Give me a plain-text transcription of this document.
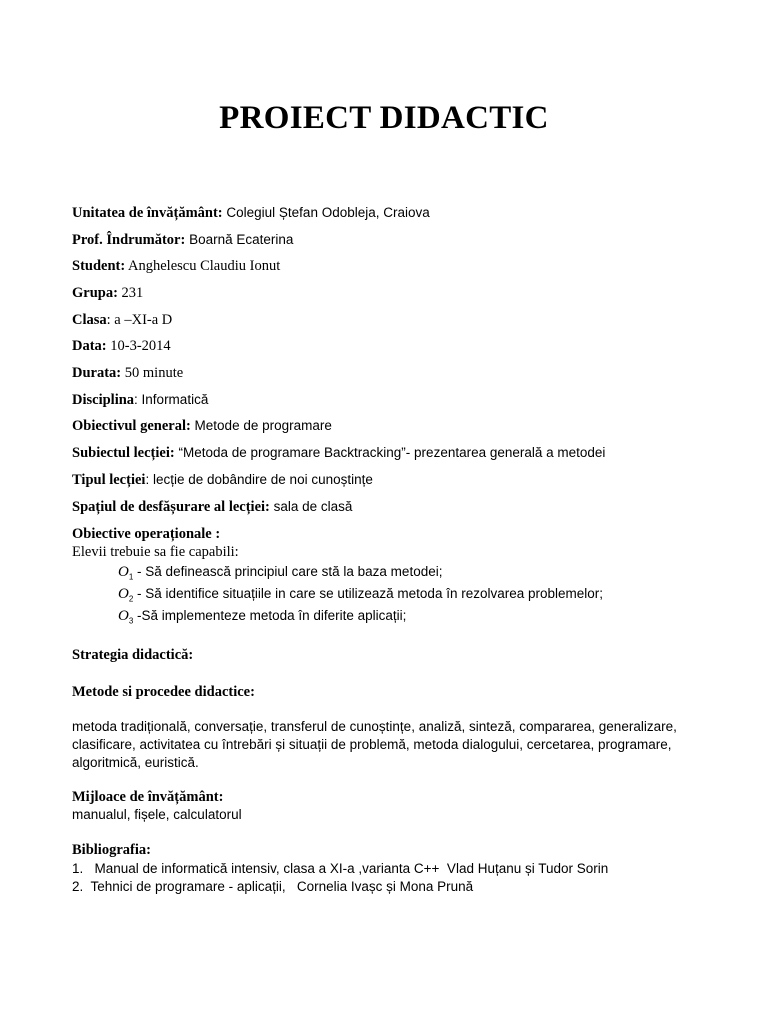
PROIECT DIDACTIC
Unitatea de învățământ: Colegiul Ștefan Odobleja, Craiova
Prof. Îndrumător: Boarnă Ecaterina
Student: Anghelescu Claudiu Ionut
Grupa: 231
Clasa: a –XI-a D
Data: 10-3-2014
Durata: 50 minute
Disciplina: Informatică
Obiectivul general: Metode de programare
Subiectul lecției: “Metoda de programare Backtracking”- prezentarea generală a metodei
Tipul lecției: lecție de dobândire de noi cunoștințe
Spațiul de desfășurare al lecției: sala de clasă
Obiective operaționale :
Elevii trebuie sa fie capabili:
$O_1$ - Să definească principiul care stă la baza metodei;
$O_2$ - Să identifice situațiile in care se utilizează metoda în rezolvarea problemelor;
$O_3$ -Să implementeze metoda în diferite aplicații;
Strategia didactică:
Metode si procedee didactice:
metoda tradițională, conversație, transferul de cunoștințe, analiză, sinteză, compararea, generalizare,
clasificare, activitatea cu întrebări și situații de problemă, metoda dialogului, cercetarea, programare,
algoritmică, euristică.
Mijloace de învățământ:
manualul, fișele, calculatorul
Bibliografia:
1.   Manual de informatică intensiv, clasa a XI-a ,varianta C++  Vlad Huțanu și Tudor Sorin
2.  Tehnici de programare - aplicații,   Cornelia Ivașc și Mona Prună
